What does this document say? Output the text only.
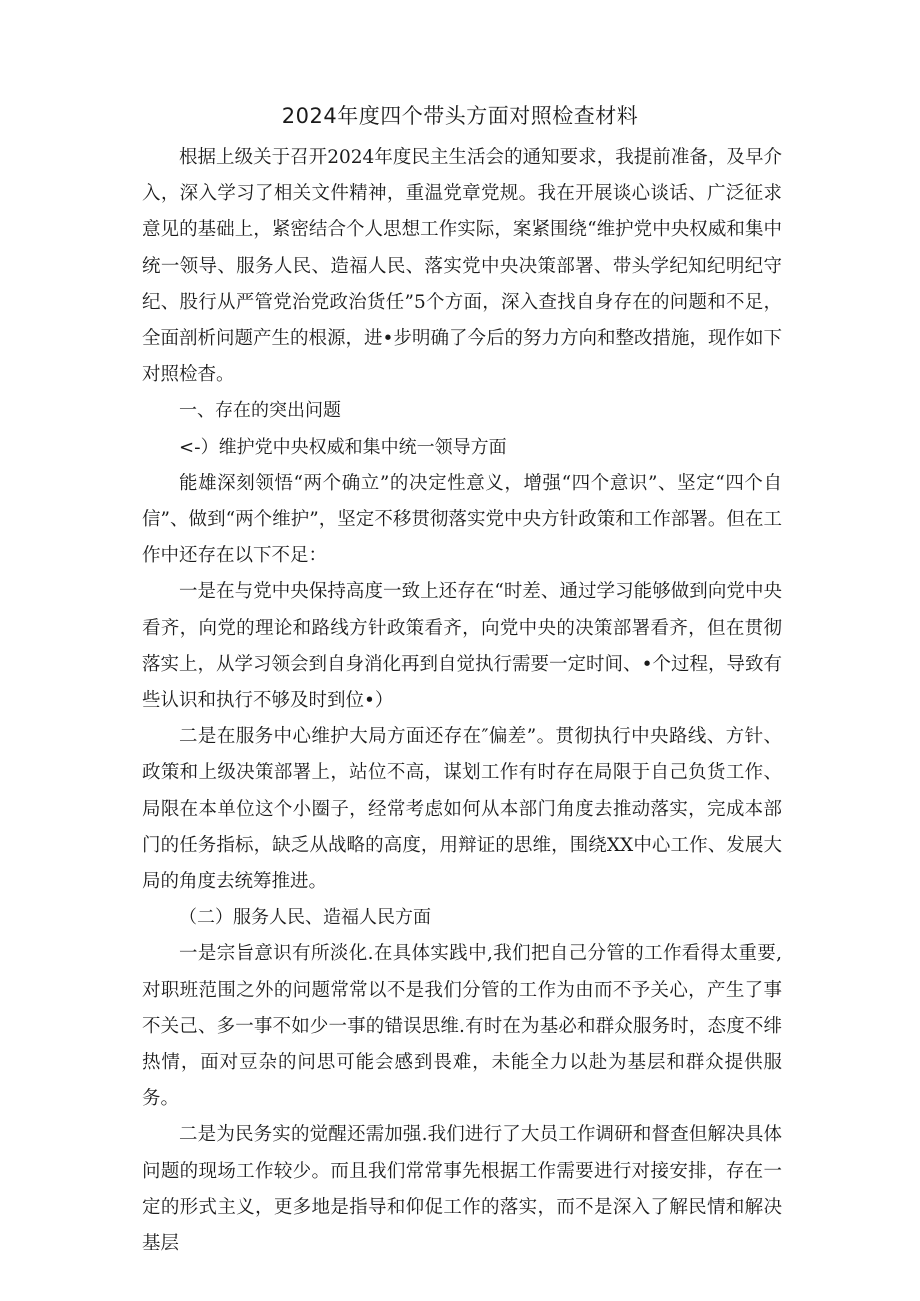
2024年度四个带头方面对照检查材料

根据上级关于召开2024年度民主生活会的通知要求，我提前准备，及早介入，深入学习了相关文件精神，重温党章党规。我在开展谈心谈话、广泛征求意见的基础上，紧密结合个人思想工作实际，案紧围绕“维护党中央权威和集中统一领导、服务人民、造福人民、落实党中央决策部署、带头学纪知纪明纪守纪、股行从严管党治党政治货任”5个方面，深入查找自身存在的问题和不足，全面剖析问题产生的根源，进•步明确了今后的努力方向和整改措施，现作如下对照检杳。

一、存在的突出问题

<-）维护党中央权威和集中统一领导方面

能雄深刻领悟“两个确立”的决定性意义，增强“四个意识”、坚定“四个自信”、做到“两个维护”，坚定不移贯彻落实党中央方针政策和工作部署。但在工作中还存在以下不足：

一是在与党中央保持高度一致上还存在“时差、通过学习能够做到向党中央看齐，向党的理论和路线方针政策看齐，向党中央的决策部署看齐，但在贯彻落实上，从学习领会到自身消化再到自觉执行需要一定时间、•个过程，导致有些认识和执行不够及时到位•）

二是在服务中心维护大局方面还存在″偏差”。贯彻执行中央路线、方针、政策和上级决策部署上，站位不高，谋划工作有时存在局限于自己负货工作、局限在本单位这个小圈子，经常考虑如何从本部门角度去推动落实，完成本部门的任务指标，缺乏从战略的高度，用辩证的思维，围绕XX中心工作、发展大局的角度去统筹推进。

（二）服务人民、造福人民方面

一是宗旨意识有所淡化.在具体实践中,我们把自己分管的工作看得太重要,对职班范围之外的问题常常以不是我们分管的工作为由而不予关心，产生了事不关己、多一事不如少一事的错误思维.有时在为基必和群众服务时，态度不绯热情，面对豆杂的问思可能会感到畏难，未能全力以赴为基层和群众提供服务。

二是为民务实的觉醒还需加强.我们进行了大员工作调研和督查但解决具体问题的现场工作较少。而且我们常常事先根据工作需要进行对接安排，存在一定的形式主义，更多地是指导和仰促工作的落实，而不是深入了解民情和解决基层
